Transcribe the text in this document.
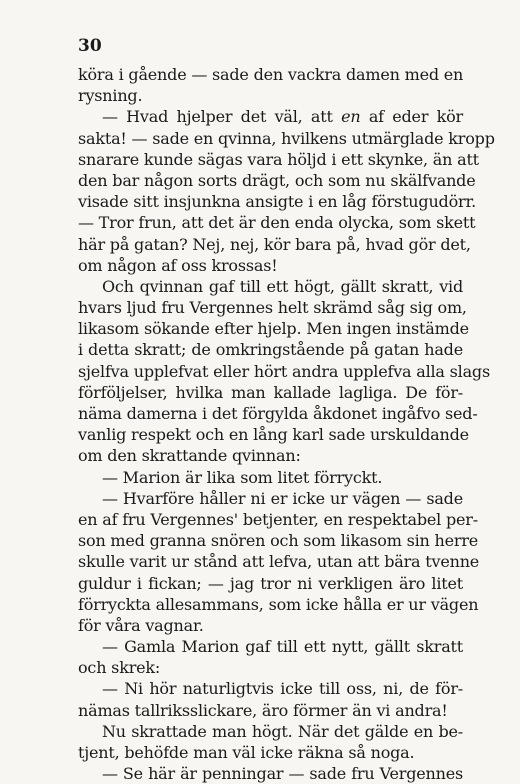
30
köra i gående — sade den vackra damen med en
rysning.
— Hvad hjelper det väl, att en af eder kör
sakta! — sade en qvinna, hvilkens utmärglade kropp
snarare kunde sägas vara höljd i ett skynke, än att
den bar någon sorts drägt, och som nu skälfvande
visade sitt insjunkna ansigte i en låg förstugudörr.
— Tror frun, att det är den enda olycka, som skett
här på gatan? Nej, nej, kör bara på, hvad gör det,
om någon af oss krossas!
Och qvinnan gaf till ett högt, gällt skratt, vid
hvars ljud fru Vergennes helt skrämd såg sig om,
likasom sökande efter hjelp. Men ingen instämde
i detta skratt; de omkringstående på gatan hade
sjelfva upplefvat eller hört andra upplefva alla slags
förföljelser, hvilka man kallade lagliga. De för-
näma damerna i det förgylda åkdonet ingåfvo sed-
vanlig respekt och en lång karl sade urskuldande
om den skrattande qvinnan:
— Marion är lika som litet förryckt.
— Hvarföre håller ni er icke ur vägen — sade
en af fru Vergennes' betjenter, en respektabel per-
son med granna snören och som likasom sin herre
skulle varit ur stånd att lefva, utan att bära tvenne
guldur i fickan; — jag tror ni verkligen äro litet
förryckta allesammans, som icke hålla er ur vägen
för våra vagnar.
— Gamla Marion gaf till ett nytt, gällt skratt
och skrek:
— Ni hör naturligtvis icke till oss, ni, de för-
nämas tallriksslickare, äro förmer än vi andra!
Nu skrattade man högt. När det gälde en be-
tjent, behöfde man väl icke räkna så noga.
— Se här är penningar — sade fru Vergennes
